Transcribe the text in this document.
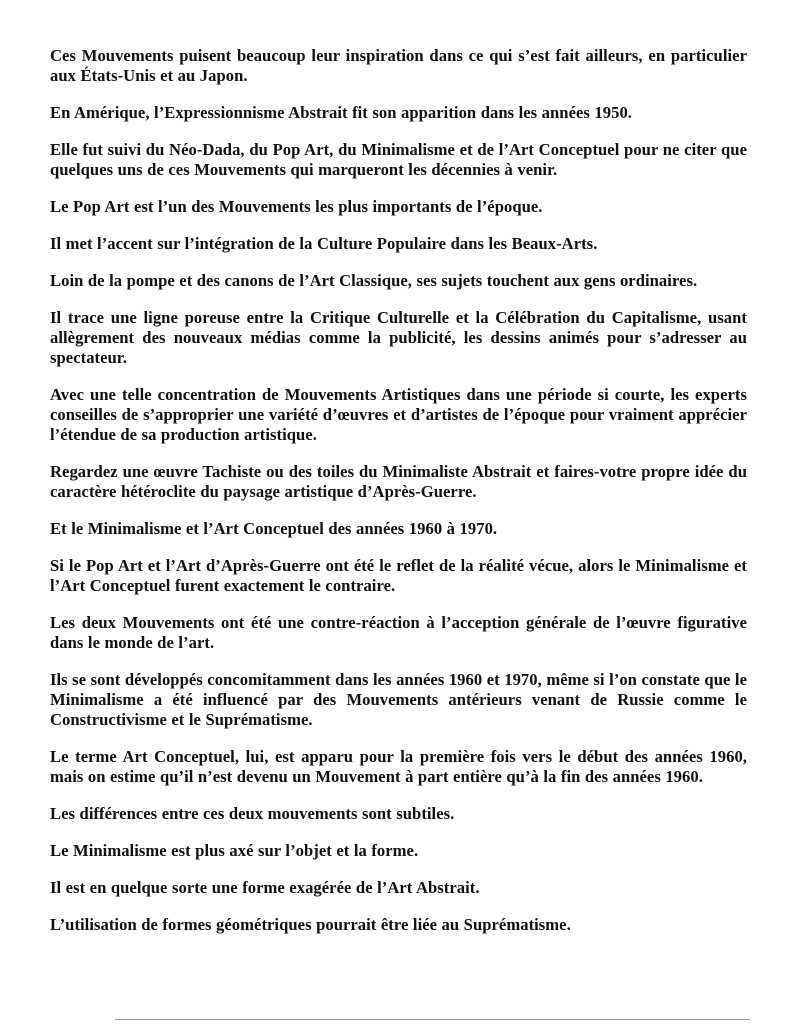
Ces Mouvements puisent beaucoup leur inspiration dans ce qui s’est fait ailleurs, en particulier aux États-Unis et au Japon.

En Amérique, l’Expressionnisme Abstrait fit son apparition dans les années 1950.

Elle fut suivi du Néo-Dada, du Pop Art, du Minimalisme et de l’Art Conceptuel pour ne citer que quelques uns de ces Mouvements qui marqueront les décennies à venir.

Le Pop Art est l’un des Mouvements les plus importants de l’époque.

Il met l’accent sur l’intégration de la Culture Populaire dans les Beaux-Arts.

Loin de la pompe et des canons de l’Art Classique, ses sujets touchent aux gens ordinaires.

Il trace une ligne poreuse entre la Critique Culturelle et la Célébration du Capitalisme, usant allègrement des nouveaux médias comme la publicité, les dessins animés pour s’adresser au spectateur.

Avec une telle concentration de Mouvements Artistiques dans une période si courte, les experts conseilles de s’approprier une variété d’œuvres et d’artistes de l’époque pour vraiment apprécier l’étendue de sa production artistique.

Regardez une œuvre Tachiste ou des toiles du Minimaliste Abstrait et faires-votre propre idée du caractère hétéroclite du paysage artistique d’Après-Guerre.

Et le Minimalisme et l’Art Conceptuel des années 1960 à 1970.

Si le Pop Art et l’Art d’Après-Guerre ont été le reflet de la réalité vécue, alors le Minimalisme et l’Art Conceptuel furent exactement le contraire.

Les deux Mouvements ont été une contre-réaction à l’acception générale de l’œuvre figurative dans le monde de l’art.

Ils se sont développés concomitamment dans les années 1960 et 1970, même si l’on constate que le Minimalisme a été influencé par des Mouvements antérieurs venant de Russie comme le Constructivisme et le Suprématisme.

Le terme Art Conceptuel, lui, est apparu pour la première fois vers le début des années 1960, mais on estime qu’il n’est devenu un Mouvement à part entière qu’à la fin des années 1960.

Les différences entre ces deux mouvements sont subtiles.

Le Minimalisme est plus axé sur l’objet et la forme.

Il est en quelque sorte une forme exagérée de l’Art Abstrait.

L’utilisation de formes géométriques pourrait être liée au Suprématisme.
